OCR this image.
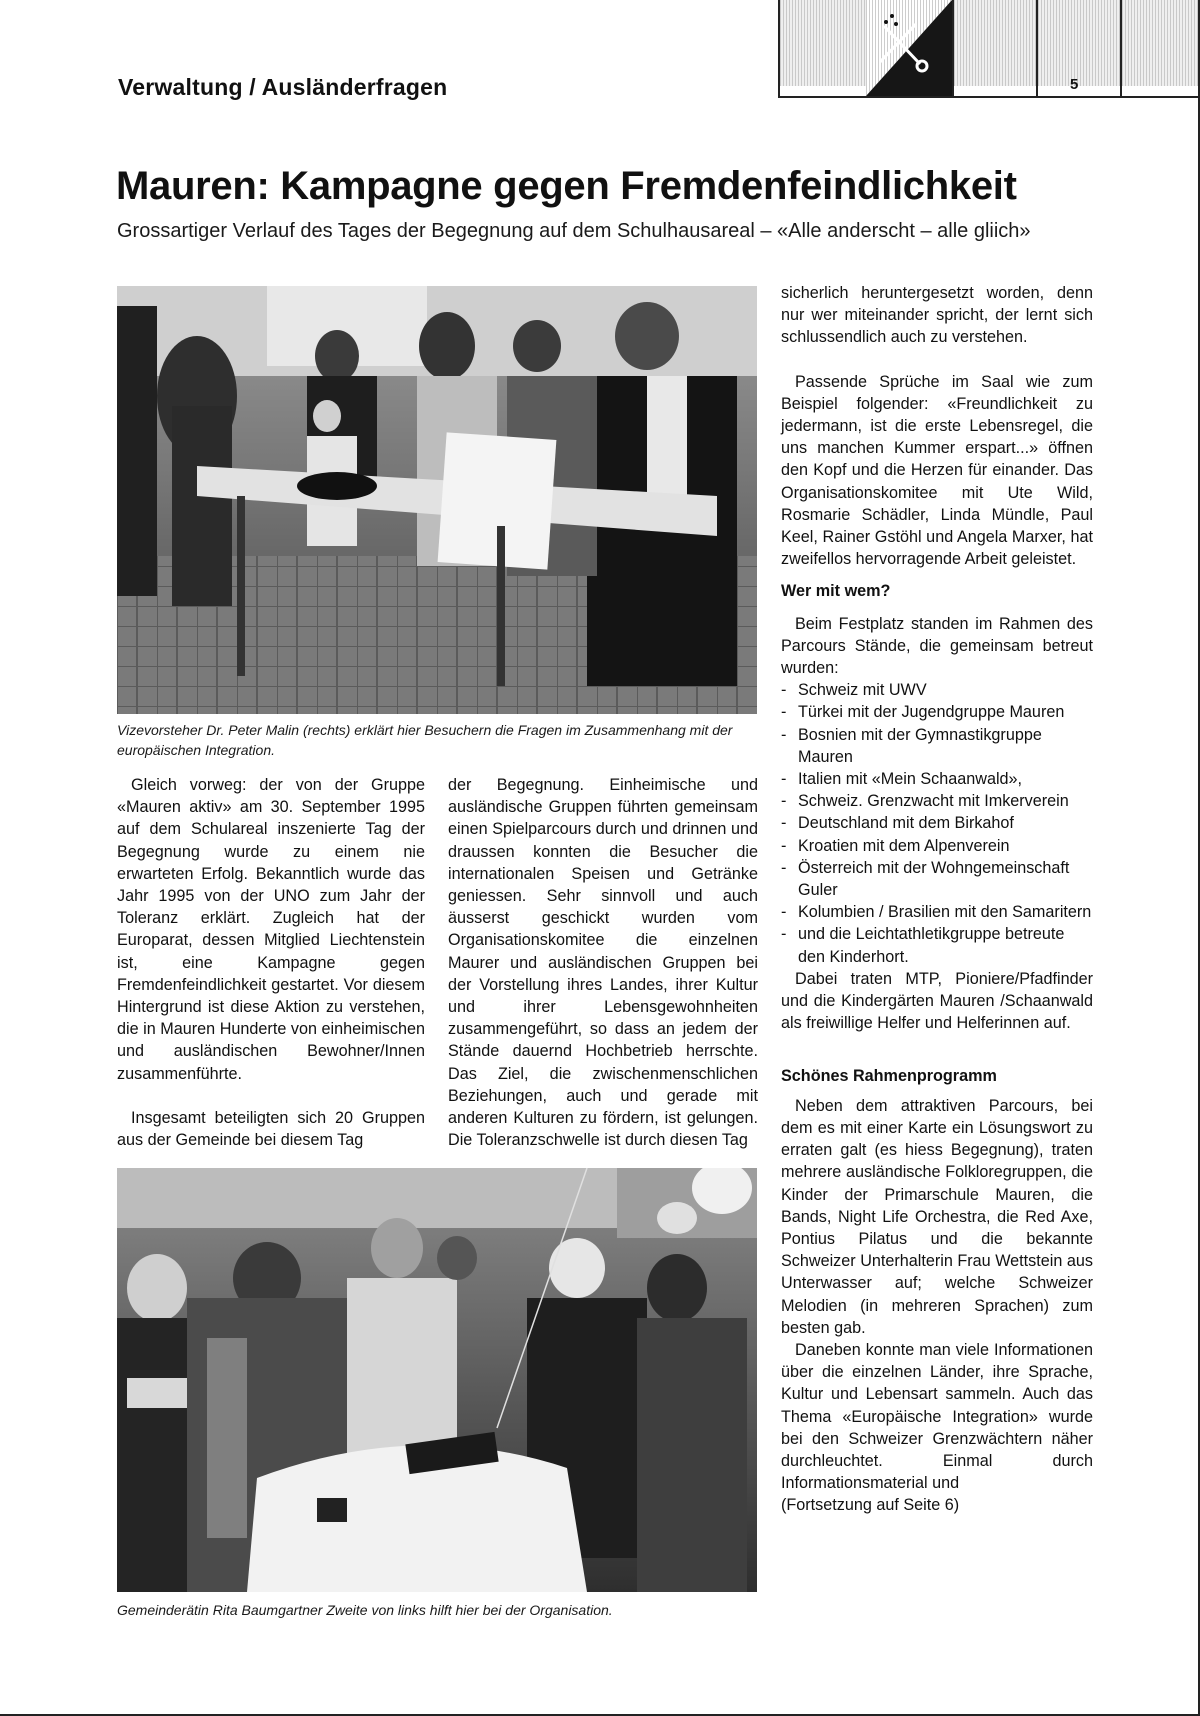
5
Verwaltung / Ausländerfragen
Mauren: Kampagne gegen Fremdenfeindlichkeit
Grossartiger Verlauf des Tages der Begegnung auf dem Schulhausareal – «Alle anderscht – alle gliich»
Vizevorsteher Dr. Peter Malin (rechts) erklärt hier Besuchern die Fragen im Zusammenhang mit der europäischen Integration.

Gleich vorweg: der von der Gruppe «Mauren aktiv» am 30. September 1995 auf dem Schulareal inszenierte Tag der Begegnung wurde zu einem nie erwarteten Erfolg. Bekanntlich wurde das Jahr 1995 von der UNO zum Jahr der Toleranz erklärt. Zugleich hat der Europarat, dessen Mitglied Liechtenstein ist, eine Kampagne gegen Fremdenfeindlichkeit gestartet. Vor diesem Hintergrund ist diese Aktion zu verstehen, die in Mauren Hunderte von einheimischen und ausländischen Bewohner/Innen zusammenführte.

Insgesamt beteiligten sich 20 Gruppen aus der Gemeinde bei diesem Tag

der Begegnung. Einheimische und ausländische Gruppen führten gemeinsam einen Spielparcours durch und drinnen und draussen konnten die Besucher die internationalen Speisen und Getränke geniessen. Sehr sinnvoll und auch äusserst geschickt wurden vom Organisationskomitee die einzelnen Maurer und ausländischen Gruppen bei der Vorstellung ihres Landes, ihrer Kultur und ihrer Lebensgewohnheiten zusammengeführt, so dass an jedem der Stände dauernd Hochbetrieb herrschte. Das Ziel, die zwischenmenschlichen Beziehungen, auch und gerade mit anderen Kulturen zu fördern, ist gelungen. Die Toleranzschwelle ist durch diesen Tag

sicherlich heruntergesetzt worden, denn nur wer miteinander spricht, der lernt sich schlussendlich auch zu verstehen.

Passende Sprüche im Saal wie zum Beispiel folgender: «Freundlichkeit zu jedermann, ist die erste Lebensregel, die uns manchen Kummer erspart...» öffnen den Kopf und die Herzen für einander. Das Organisationskomitee mit Ute Wild, Rosmarie Schädler, Linda Mündle, Paul Keel, Rainer Gstöhl und Angela Marxer, hat zweifellos hervorragende Arbeit geleistet.

Wer mit wem?

Beim Festplatz standen im Rahmen des Parcours Stände, die gemeinsam betreut wurden:

- Schweiz mit UWV
- Türkei mit der Jugendgruppe Mauren
- Bosnien mit der Gymnastikgruppe Mauren
- Italien mit «Mein Schaanwald»,
- Schweiz. Grenzwacht mit Imkerverein
- Deutschland mit dem Birkahof
- Kroatien mit dem Alpenverein
- Österreich mit der Wohngemeinschaft Guler
- Kolumbien / Brasilien mit den Samaritern
- und die Leichtathletikgruppe betreute den Kinderhort.

Dabei traten MTP, Pioniere/Pfadfinder und die Kindergärten Mauren /Schaanwald als freiwillige Helfer und Helferinnen auf.

Schönes Rahmenprogramm

Neben dem attraktiven Parcours, bei dem es mit einer Karte ein Lösungswort zu erraten galt (es hiess Begegnung), traten mehrere ausländische Folkloregruppen, die Kinder der Primarschule Mauren, die Bands, Night Life Orchestra, die Red Axe, Pontius Pilatus und die bekannte Schweizer Unterhalterin Frau Wettstein aus Unterwasser auf; welche Schweizer Melodien (in mehreren Sprachen) zum besten gab.

Daneben konnte man viele Informationen über die einzelnen Länder, ihre Sprache, Kultur und Lebensart sammeln. Auch das Thema «Europäische Integration» wurde bei den Schweizer Grenzwächtern näher durchleuchtet. Einmal durch Informationsmaterial und

(Fortsetzung auf Seite 6)

Gemeinderätin Rita Baumgartner Zweite von links hilft hier bei der Organisation.
